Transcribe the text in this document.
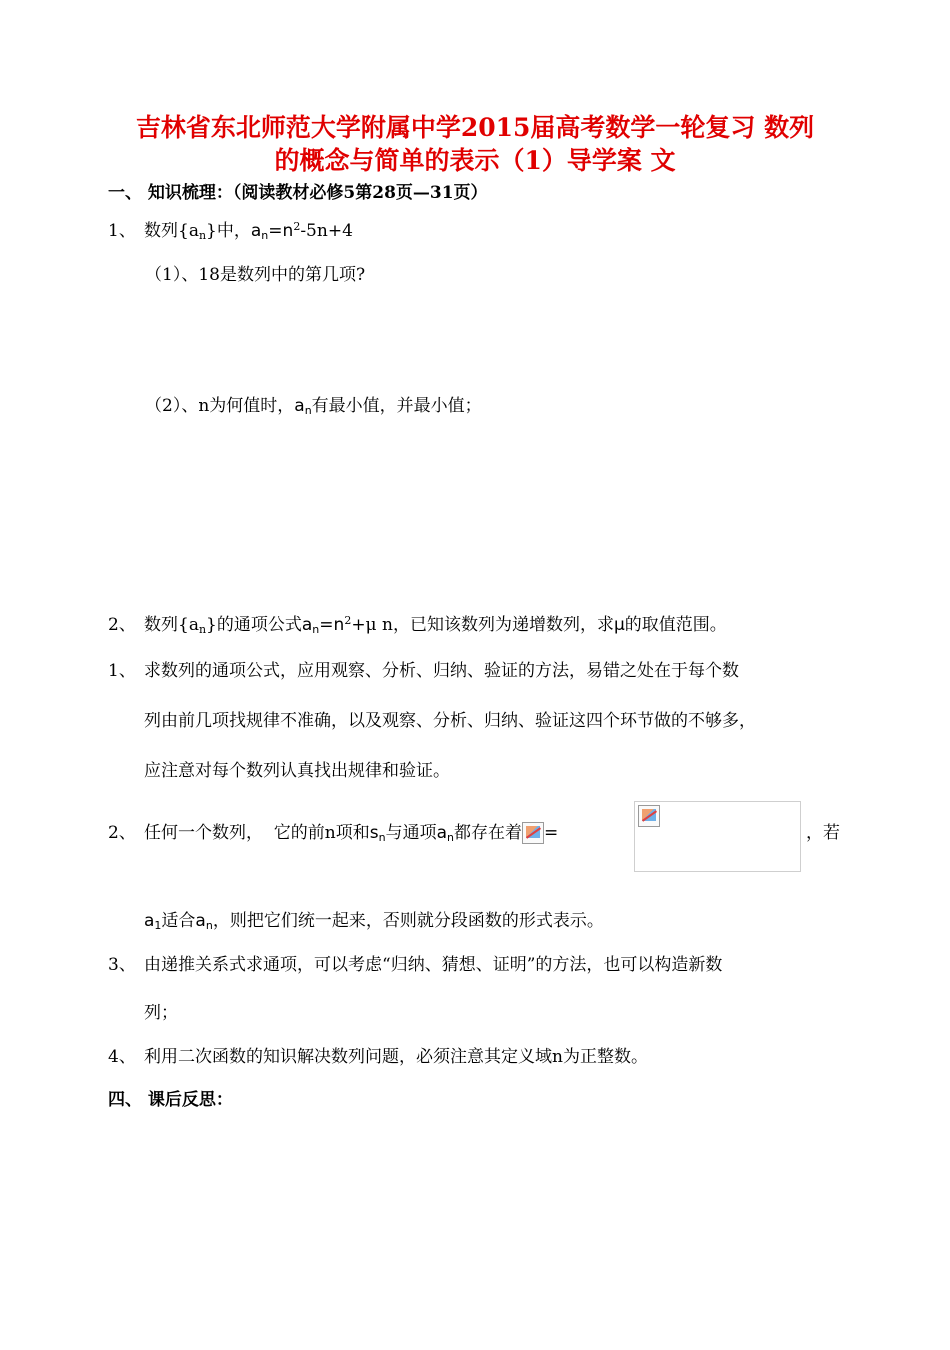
吉林省东北师范大学附属中学2015届高考数学一轮复习 数列
的概念与简单的表示（1）导学案 文
一、 知识梳理：（阅读教材必修5第28页—31页）
1、 数列$\{a_n\}$中，$a_n=n^2-5n+4$
（1）、18是数列中的第几项?
（2）、n为何值时，$a_n$有最小值，并最小值；
2、 数列$\{a_n\}$的通项公式$a_n=n^2+\mu$ n，已知该数列为递增数列，求μ的取值范围。
1、 求数列的通项公式，应用观察、分析、归纳、验证的方法，易错之处在于每个数
列由前几项找规律不准确，以及观察、分析、归纳、验证这四个环节做的不够多，
应注意对每个数列认真找出规律和验证。
2、 任何一个数列，  它的前n项和$s_n$与通项$a_n$都存在着 =	，若
$a_1$适合$a_n$，则把它们统一起来，否则就分段函数的形式表示。
3、 由递推关系式求通项，可以考虑“归纳、猜想、证明”的方法，也可以构造新数
列；
4、 利用二次函数的知识解决数列问题，必须注意其定义域n为正整数。
四、 课后反思：
